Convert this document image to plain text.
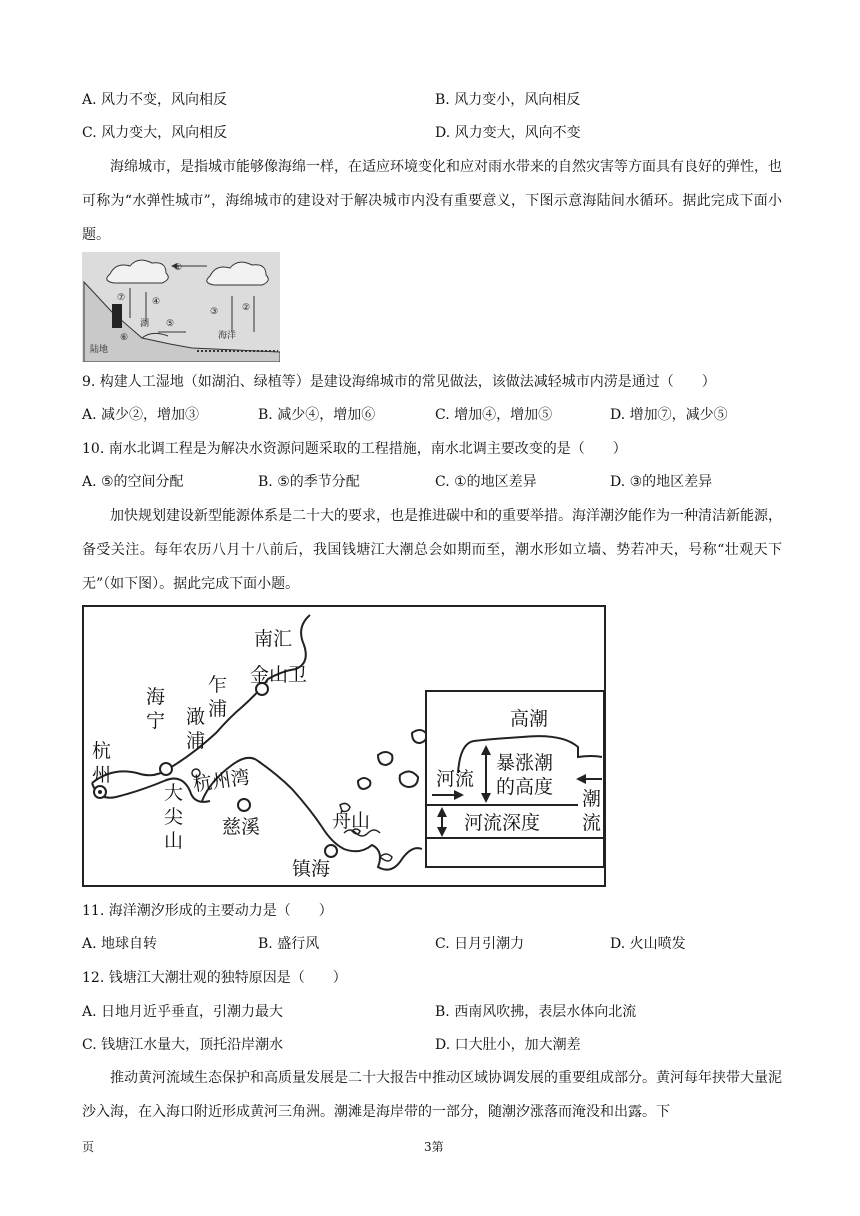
A. 风力不变，风向相反	B. 风力变小，风向相反
C. 风力变大，风向相反	D. 风力变大，风向不变

海绵城市，是指城市能够像海绵一样，在适应环境变化和应对雨水带来的自然灾害等方面具有良好的弹性，也可称为“水弹性城市”，海绵城市的建设对于解决城市内没有重要意义，下图示意海陆间水循环。据此完成下面小题。

①
⑦	④
②
③
⑤
⑥
湖
海洋
陆地
9. 构建人工湿地（如湖泊、绿植等）是建设海绵城市的常见做法，该做法减轻城市内涝是通过（　　）
A. 减少②，增加③	B. 减少④，增加⑥	C. 增加④，增加⑤	D. 增加⑦，减少⑤
10. 南水北调工程是为解决水资源问题采取的工程措施，南水北调主要改变的是（　　）
A. ⑤的空间分配	B. ⑤的季节分配	C. ①的地区差异	D. ③的地区差异

加快规划建设新型能源体系是二十大的要求，也是推进碳中和的重要举措。海洋潮汐能作为一种清洁新能源，备受关注。每年农历八月十八前后，我国钱塘江大潮总会如期而至，潮水形如立墙、势若冲天，号称“壮观天下无”（如下图）。据此完成下面小题。

南汇
金山卫
乍
浦
海
宁 澉
浦
杭
州
大
尖
山
杭州湾
慈溪	舟山
镇海
高潮
暴涨潮
的高度
河流
河流深度
潮
流
11. 海洋潮汐形成的主要动力是（　　）
A. 地球自转	B. 盛行风	C. 日月引潮力	D. 火山喷发
12. 钱塘江大潮壮观的独特原因是（　　）
A. 日地月近乎垂直，引潮力最大	B. 西南风吹拂，表层水体向北流
C. 钱塘江水量大，顶托沿岸潮水	D. 口大肚小，加大潮差

推动黄河流域生态保护和高质量发展是二十大报告中推动区域协调发展的重要组成部分。黄河每年挟带大量泥沙入海，在入海口附近形成黄河三角洲。潮滩是海岸带的一部分，随潮汐涨落而淹没和出露。下

页	3第
